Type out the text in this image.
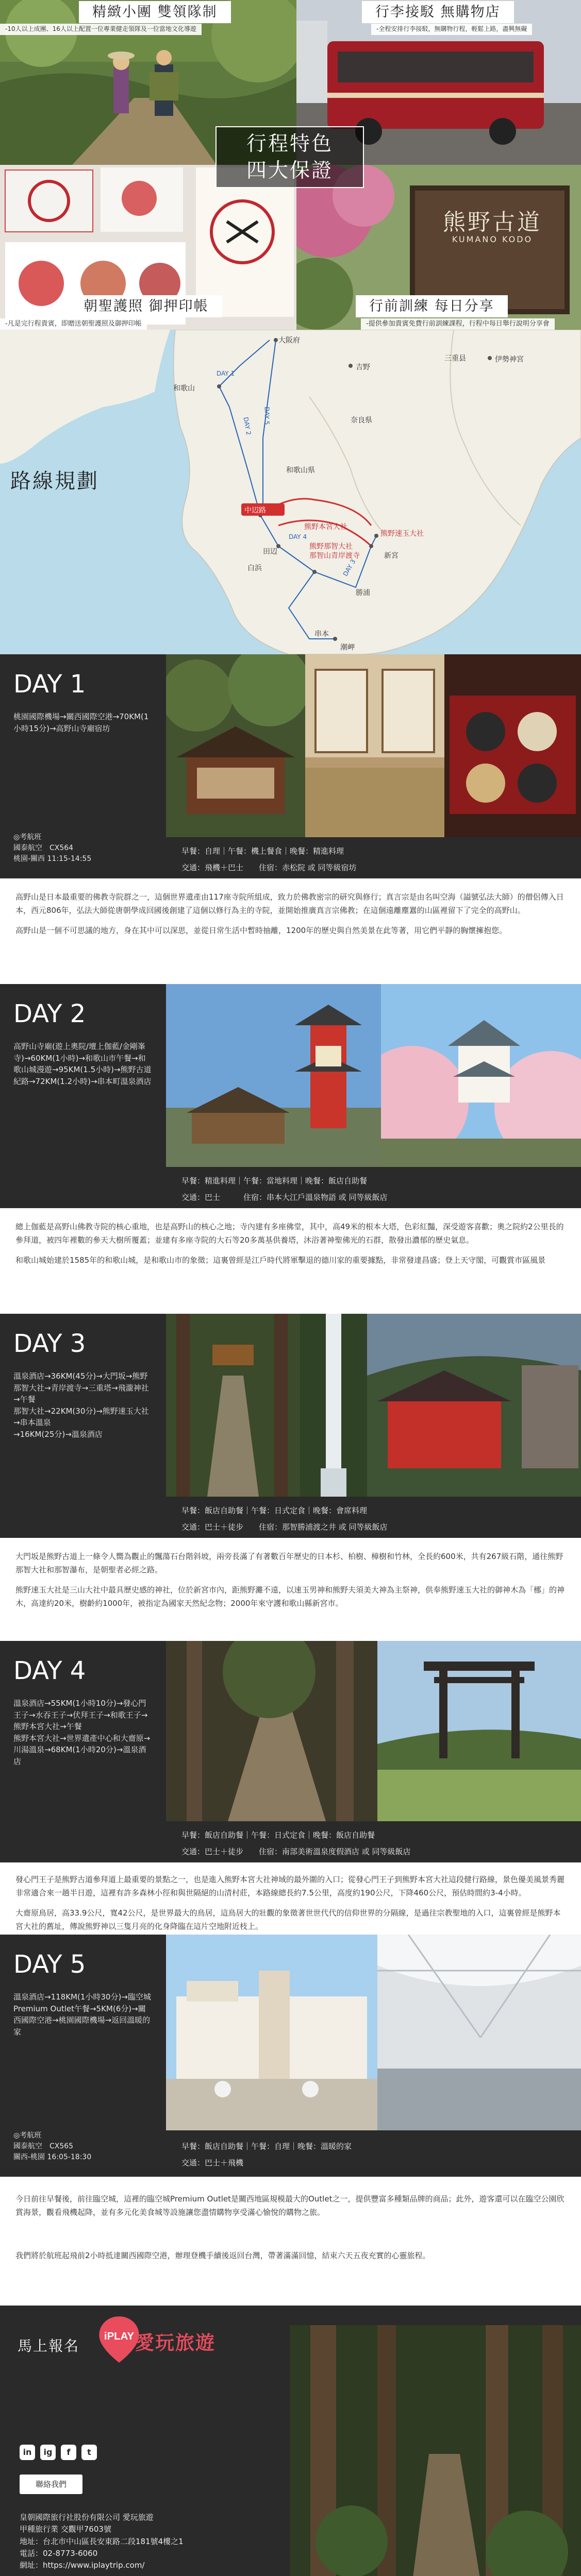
精緻小團 雙領隊制
-10人以上成團、16人以上配置一位專業健走領隊及一位當地文化導遊
行李接駁 無購物店
-全程安排行李接駁，無購物行程，輕鬆上路，盡興無礙
熊野古道
KUMANO KODO
朝聖護照 御押印帳
-凡是完行程貴賓，即贈送朝聖護照及御押印帳
行前訓練 每日分享
-提供參加貴賓免費行前訓練課程，行程中每日舉行說明分享會
行程特色
四大保證
路線規劃
大阪府
吉野
三重县	伊勢神宮
和歌山
奈良県
和歌山県
中辺路
熊野本宮大社
熊野那智大社
那智山青岸渡寺
熊野速玉大社
新宮
田辺
白浜
勝浦
串本
潮岬
DAY 1
DAY 2
DAY 5
DAY 4
DAY 3
DAY 1
桃園國際機場→關西國際空港→70KM(1小時15分)→高野山寺廟宿坊
◎考航班
國泰航空　CX564
桃園-關西 11:15-14:55
早餐：自理｜午餐：機上餐食｜晚餐：精進料理
交通：飛機＋巴士　　住宿：赤松院 或 同等級宿坊

高野山是日本最重要的佛教寺院群之一，這個世界遺產由117座寺院所組成，致力於佛教密宗的研究與修行；真言宗是由名叫空海（謚號弘法大師）的僧侶傳入日本，西元806年，弘法大師從唐朝學成回國後創建了這個以修行為主的寺院，並開始推廣真言宗佛教；在這個遠離塵囂的山區裡留下了完全的高野山。

高野山是一個不可思議的地方，身在其中可以深思，並從日常生活中暫時抽離，1200年的歷史與自然美景在此等著，用它們平靜的胸懷擁抱您。

DAY 2
高野山寺廟(遊上奧院/壇上伽藍/金剛峯寺)→60KM(1小時)→和歌山市午餐→和歌山城漫遊→95KM(1.5小時)→熊野古道紀路→72KM(1.2小時)→串本町溫泉酒店
早餐：精進料理｜午餐：當地料理｜晚餐：飯店自助餐
交通：巴士　　　住宿：串本大江戶溫泉物語 或 同等級飯店

總上伽藍是高野山佛教寺院的核心重地，也是高野山的核心之地；寺內建有多座佛堂，其中，高49米的根本大塔，色彩紅豔，深受遊客喜歡；奧之院約2公里長的參拜道，被四年裡數的參天大樹所覆蓋；並建有多座寺院的大石等20多萬基供養塔，沐浴著神聖佛光的石群，散發出濃郁的歷史氣息。

和歌山城始建於1585年的和歌山城，是和歌山市的象徵；這裏曾經是江戶時代將軍擊退的德川家的重要據點，非常發達昌盛；登上天守閣，可觀賞市區風景

DAY 3
溫泉酒店→36KM(45分)→大門坂→熊野那智大社→青岸渡寺→三重塔→飛瀧神社→午餐
那智大社→22KM(30分)→熊野速玉大社→串本溫泉
→16KM(25分)→溫泉酒店
早餐：飯店自助餐｜午餐：日式定食｜晚餐：會席料理
交通：巴士＋徒步　　住宿：那智勝浦渡之井 或 同等級飯店

大門坂是熊野古道上一條令人嚮為觀止的飄蕩石台階斜坡，兩旁長滿了有著數百年歷史的日本杉、柏樹、樟樹和竹林，全長約600米，共有267級石階，通往熊野那智大社和那智瀑布，是朝聖者必經之路。

熊野速玉大社是三山大社中最具歷史感的神社，位於新宮市內，距熊野灘不遠，以速玉男神和熊野夫須美大神為主祭神，供奉熊野速玉大社的御神木為「梛」的神木，高達約20米，樹齡約1000年，被指定為國家天然紀念物；2000年來守護和歌山縣新宮市。

DAY 4
溫泉酒店→55KM(1小時10分)→發心門王子→水吞王子→伏拜王子→和歌王子→熊野本宮大社→午餐
熊野本宮大社→世界遺產中心和大齋原→川湯溫泉→68KM(1小時20分)→溫泉酒店
早餐：飯店自助餐｜午餐：日式定食｜晚餐：飯店自助餐
交通：巴士＋徒步　　住宿：南部美術溫泉度假酒店 或 同等級飯店

發心門王子是熊野古道參拜道上最重要的景點之一，也是進入熊野本宮大社神域的最外圍的入口；從發心門王子到熊野本宮大社這段健行路線，景色優美風景秀麗非常適合來一趟半日遊，這裡有許多森林小徑和與世隔絕的山清村莊，本路線總長約7.5公里，高度約190公尺，下降460公尺，預估時間約3-4小時。

大齋原鳥居，高33.9公尺，寬42公尺，是世界最大的鳥居，這鳥居大的壯觀的象徵著世世代代的信仰世界的分隔線，是過往宗教聖地的入口，這裏曾經是熊野本宮大社的舊址，傳說熊野神以三隻月亮的化身降臨在這片空地附近枝上。

DAY 5
溫泉酒店→118KM(1小時30分)→臨空城Premium Outlet午餐→5KM(6分)→關西國際空港→桃園國際機場→返回溫暖的家
◎考航班
國泰航空　CX565
關西-桃園 16:05-18:30
早餐：飯店自助餐｜午餐：自理｜晚餐：溫暖的家
交通：巴士＋飛機
今日前往早餐後，前往臨空城，這裡的臨空城Premium Outlet是關西地區規模最大的Outlet之一，提供豐富多種類品牌的商品；此外，遊客還可以在臨空公園欣賞海景，觀看飛機起降，並有多元化美食城等設施讓您盡情購物享受滿心愉悅的購物之旅。
我們將於航班起飛前2小時抵達關西國際空港，辦理登機手續後返回台灣，帶著滿滿回憶，結束六天五夜充實的心靈旅程。
馬上報名
iPLAY 愛玩旅遊
in	ig	f	t
聯絡我們
皇朝國際旅行社股份有限公司 愛玩旅遊
甲種旅行業 交觀甲7603號
地址：台北市中山區長安東路二段181號4樓之1
電話：02-8773-6060
網址：https://www.iplaytrip.com/
